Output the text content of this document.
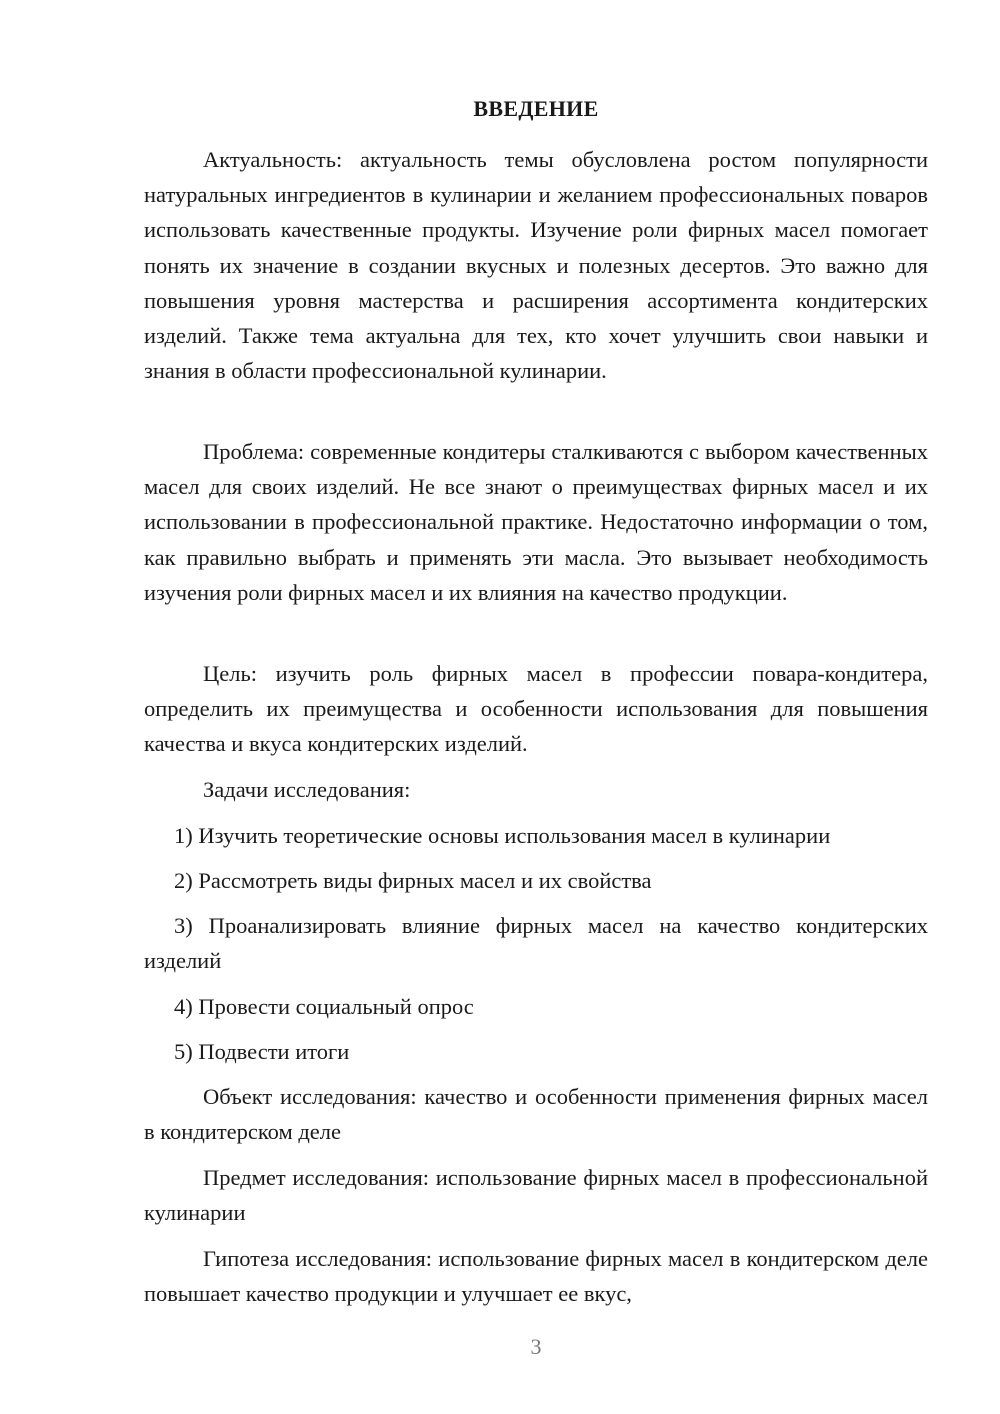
ВВЕДЕНИЕ

Актуальность: актуальность темы обусловлена ростом популярности натуральных ингредиентов в кулинарии и желанием профессиональных поваров использовать качественные продукты. Изучение роли фирных масел помогает понять их значение в создании вкусных и полезных десертов. Это важно для повышения уровня мастерства и расширения ассортимента кондитерских изделий. Также тема актуальна для тех, кто хочет улучшить свои навыки и знания в области профессиональной кулинарии.

Проблема: современные кондитеры сталкиваются с выбором качественных масел для своих изделий. Не все знают о преимуществах фирных масел и их использовании в профессиональной практике. Недостаточно информации о том, как правильно выбрать и применять эти масла. Это вызывает необходимость изучения роли фирных масел и их влияния на качество продукции.

Цель: изучить роль фирных масел в профессии повара-кондитера, определить их преимущества и особенности использования для повышения качества и вкуса кондитерских изделий.

Задачи исследования:

1) Изучить теоретические основы использования масел в кулинарии

2) Рассмотреть виды фирных масел и их свойства

3) Проанализировать влияние фирных масел на качество кондитерских изделий

4) Провести социальный опрос

5) Подвести итоги

Объект исследования: качество и особенности применения фирных масел в кондитерском деле

Предмет исследования: использование фирных масел в профессиональной кулинарии

Гипотеза исследования: использование фирных масел в кондитерском деле повышает качество продукции и улучшает ее вкус,

3
